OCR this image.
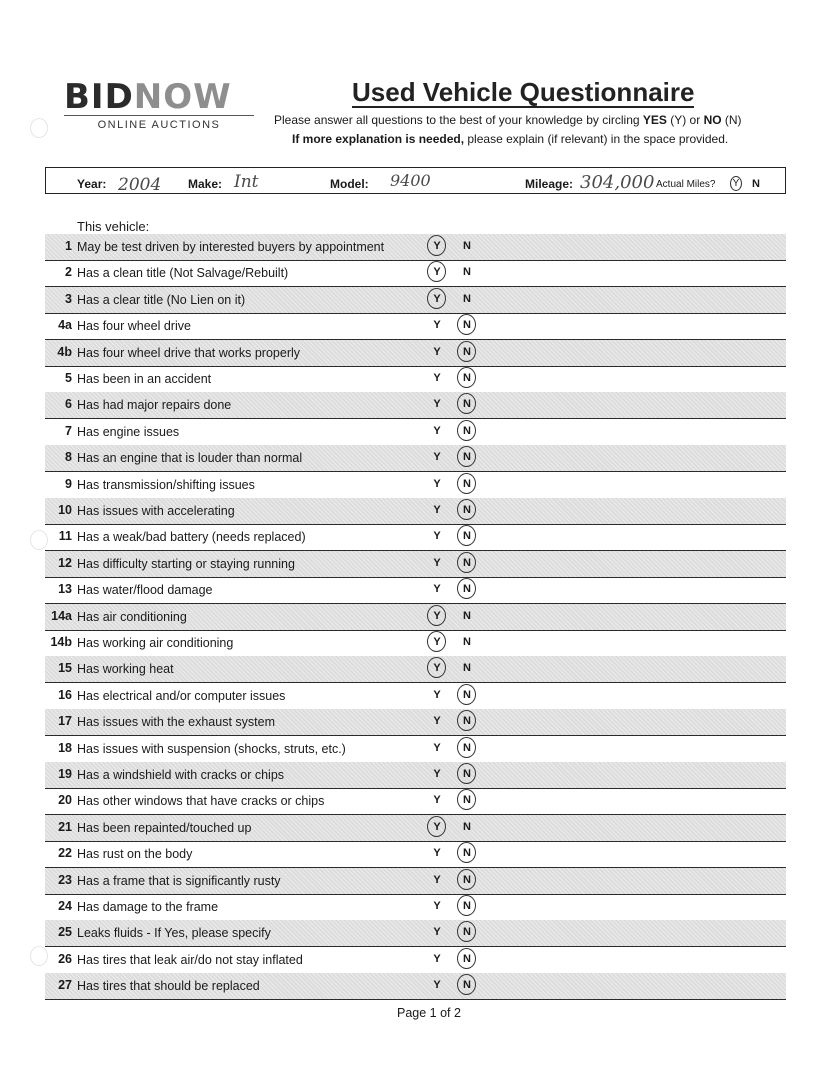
BIDNOW
ONLINE AUCTIONS
Used Vehicle Questionnaire
Please answer all questions to the best of your knowledge by circling YES (Y) or NO (N)
If more explanation is needed, please explain (if relevant) in the space provided.
Year: 2004 Make: Int	Model: 9400	Mileage: 304,000 Actual Miles? Y N
This vehicle:
1 May be test driven by interested buyers by appointment	Y	N
2 Has a clean title (Not Salvage/Rebuilt)	Y	N
3 Has a clear title (No Lien on it)	Y	N
4a Has four wheel drive	Y	N
4b Has four wheel drive that works properly	Y	N
5 Has been in an accident	Y	N
6 Has had major repairs done	Y	N
7 Has engine issues	Y	N
8 Has an engine that is louder than normal	Y	N
9 Has transmission/shifting issues	Y	N
10 Has issues with accelerating	Y	N
11 Has a weak/bad battery (needs replaced)	Y	N
12 Has difficulty starting or staying running	Y	N
13 Has water/flood damage	Y	N
14a Has air conditioning	Y	N
14b Has working air conditioning	Y	N
15 Has working heat	Y	N
16 Has electrical and/or computer issues	Y	N
17 Has issues with the exhaust system	Y	N
18 Has issues with suspension (shocks, struts, etc.)	Y	N
19 Has a windshield with cracks or chips	Y	N
20 Has other windows that have cracks or chips	Y	N
21 Has been repainted/touched up	Y	N
22 Has rust on the body	Y	N
23 Has a frame that is significantly rusty	Y	N
24 Has damage to the frame	Y	N
25 Leaks fluids - If Yes, please specify	Y	N
26 Has tires that leak air/do not stay inflated	Y	N
27 Has tires that should be replaced	Y	N
Page 1 of 2
